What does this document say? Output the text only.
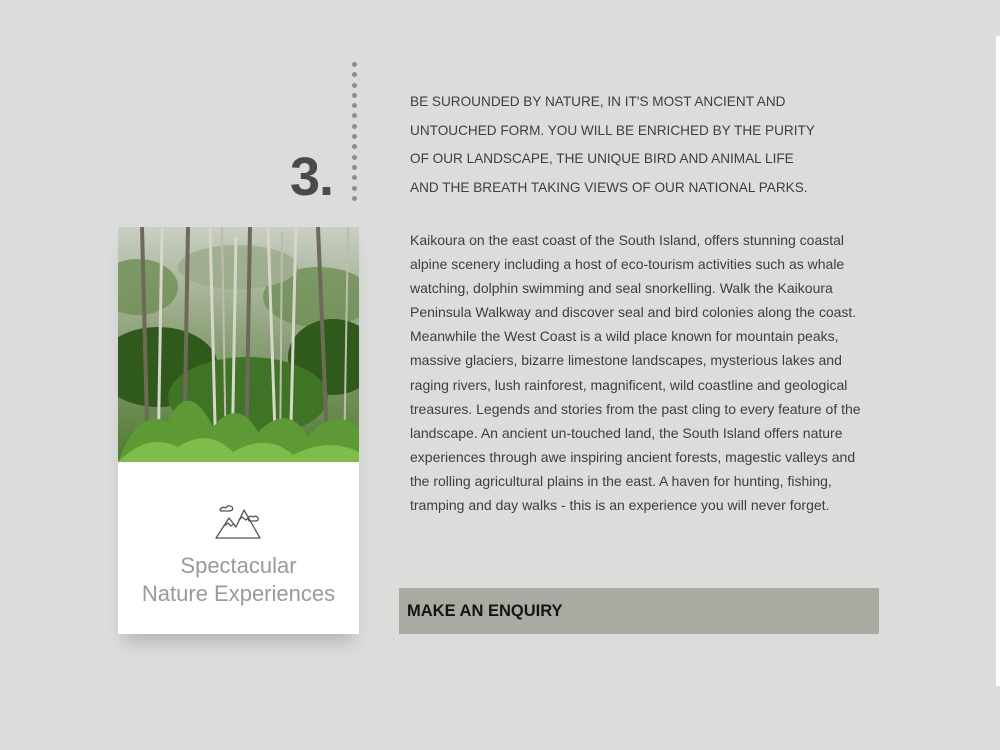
3.
Spectacular
Nature Experiences
BE SUROUNDED BY NATURE, IN IT'S MOST ANCIENT AND
UNTOUCHED FORM. YOU WILL BE ENRICHED BY THE PURITY
OF OUR LANDSCAPE, THE UNIQUE BIRD AND ANIMAL LIFE
AND THE BREATH TAKING VIEWS OF OUR NATIONAL PARKS.

Kaikoura on the east coast of the South Island, offers stunning coastal alpine scenery including a host of eco-tourism activities such as whale watching, dolphin swimming and seal snorkelling. Walk the Kaikoura Peninsula Walkway and discover seal and bird colonies along the coast. Meanwhile the West Coast is a wild place known for mountain peaks, massive glaciers, bizarre limestone landscapes, mysterious lakes and raging rivers, lush rainforest, magnificent, wild coastline and geological treasures. Legends and stories from the past cling to every feature of the landscape. An ancient un-touched land, the South Island offers nature experiences through awe inspiring ancient forests, magestic valleys and the rolling agricultural plains in the east. A haven for hunting, fishing, tramping and day walks - this is an experience you will never forget.

MAKE AN ENQUIRY
